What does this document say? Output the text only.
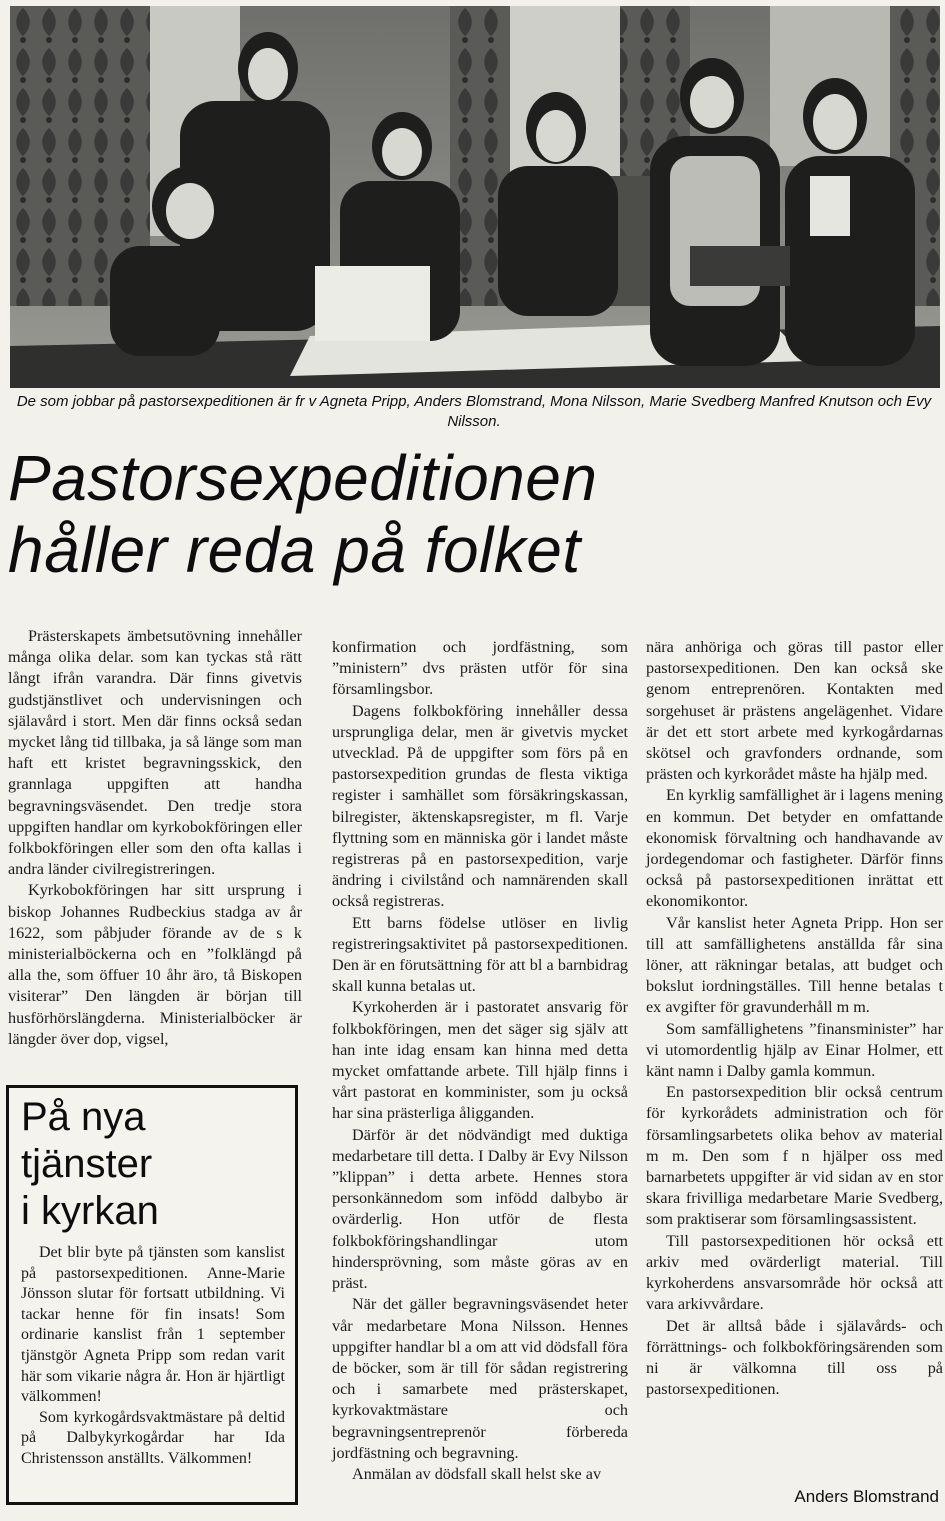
De som jobbar på pastorsexpeditionen är fr v Agneta Pripp, Anders Blomstrand, Mona Nilsson, Marie Svedberg Manfred Knutson och Evy Nilsson.
Pastorsexpeditionen
håller reda på folket

Prästerskapets ämbetsutövning innehåller många olika delar. som kan tyckas stå rätt långt ifrån varandra. Där finns givetvis gudstjänstlivet och undervisningen och själavård i stort. Men där finns också sedan mycket lång tid tillbaka, ja så länge som man haft ett kristet begravningsskick, den grannlaga uppgiften att handha begravningsväsendet. Den tredje stora uppgiften handlar om kyrkobokföringen eller folkbokföringen eller som den ofta kallas i andra länder civilregistreringen.

Kyrkobokföringen har sitt ursprung i biskop Johannes Rudbeckius stadga av år 1622, som påbjuder förande av de s k ministerialböckerna och en ”folklängd på alla the, som öffuer 10 åhr äro, tå Biskopen visiterar” Den längden är början till husförhörslängderna. Ministerialböcker är längder över dop, vigsel,

konfirmation och jordfästning, som ”ministern” dvs prästen utför för sina församlingsbor.

Dagens folkbokföring innehåller dessa ursprungliga delar, men är givetvis mycket utvecklad. På de uppgifter som förs på en pastorsexpedition grundas de flesta viktiga register i samhället som försäkringskassan, bilregister, äktenskapsregister, m fl. Varje flyttning som en människa gör i landet måste registreras på en pastorsexpedition, varje ändring i civilstånd och namnärenden skall också registreras.

Ett barns födelse utlöser en livlig registreringsaktivitet på pastorsexpeditionen. Den är en förutsättning för att bl a barnbidrag skall kunna betalas ut.

Kyrkoherden är i pastoratet ansvarig för folkbokföringen, men det säger sig själv att han inte idag ensam kan hinna med detta mycket omfattande arbete. Till hjälp finns i vårt pastorat en komminister, som ju också har sina prästerliga åligganden.

Därför är det nödvändigt med duktiga medarbetare till detta. I Dalby är Evy Nilsson ”klippan” i detta arbete. Hennes stora personkännedom som infödd dalbybo är ovärderlig. Hon utför de flesta folkbokföringshandlingar utom hindersprövning, som måste göras av en präst.

När det gäller begravningsväsendet heter vår medarbetare Mona Nilsson. Hennes uppgifter handlar bl a om att vid dödsfall föra de böcker, som är till för sådan registrering och i samarbete med prästerskapet, kyrkovaktmästare och begravningsentreprenör förbereda jordfästning och begravning.

Anmälan av dödsfall skall helst ske av

nära anhöriga och göras till pastor eller pastorsexpeditionen. Den kan också ske genom entreprenören. Kontakten med sorgehuset är prästens angelägenhet. Vidare är det ett stort arbete med kyrkogårdarnas skötsel och gravfonders ordnande, som prästen och kyrkorådet måste ha hjälp med.

En kyrklig samfällighet är i lagens mening en kommun. Det betyder en omfattande ekonomisk förvaltning och handhavande av jordegendomar och fastigheter. Därför finns också på pastorsexpeditionen inrättat ett ekonomikontor.

Vår kanslist heter Agneta Pripp. Hon ser till att samfällighetens anställda får sina löner, att räkningar betalas, att budget och bokslut iordningställes. Till henne betalas t ex avgifter för gravunderhåll m m.

Som samfällighetens ”finansminister” har vi utomordentlig hjälp av Einar Holmer, ett känt namn i Dalby gamla kommun.

En pastorsexpedition blir också centrum för kyrkorådets administration och för församlingsarbetets olika behov av material m m. Den som f n hjälper oss med barnarbetets uppgifter är vid sidan av en stor skara frivilliga medarbetare Marie Svedberg, som praktiserar som församlingsassistent.

Till pastorsexpeditionen hör också ett arkiv med ovärderligt material. Till kyrkoherdens ansvarsområde hör också att vara arkivvårdare.

Det är alltså både i själavårds- och förrättnings- och folkbokföringsärenden som ni är välkomna till oss på pastorsexpeditionen.

På nya
tjänster
i kyrkan

Det blir byte på tjänsten som kanslist på pastorsexpeditionen. Anne-Marie Jönsson slutar för fortsatt utbildning. Vi tackar henne för fin insats! Som ordinarie kanslist från 1 september tjänstgör Agneta Pripp som redan varit här som vikarie några år. Hon är hjärtligt välkommen!

Som kyrkogårdsvaktmästare på deltid på Dalbykyrkogårdar har Ida Christensson anställts. Välkommen!

Anders Blomstrand
